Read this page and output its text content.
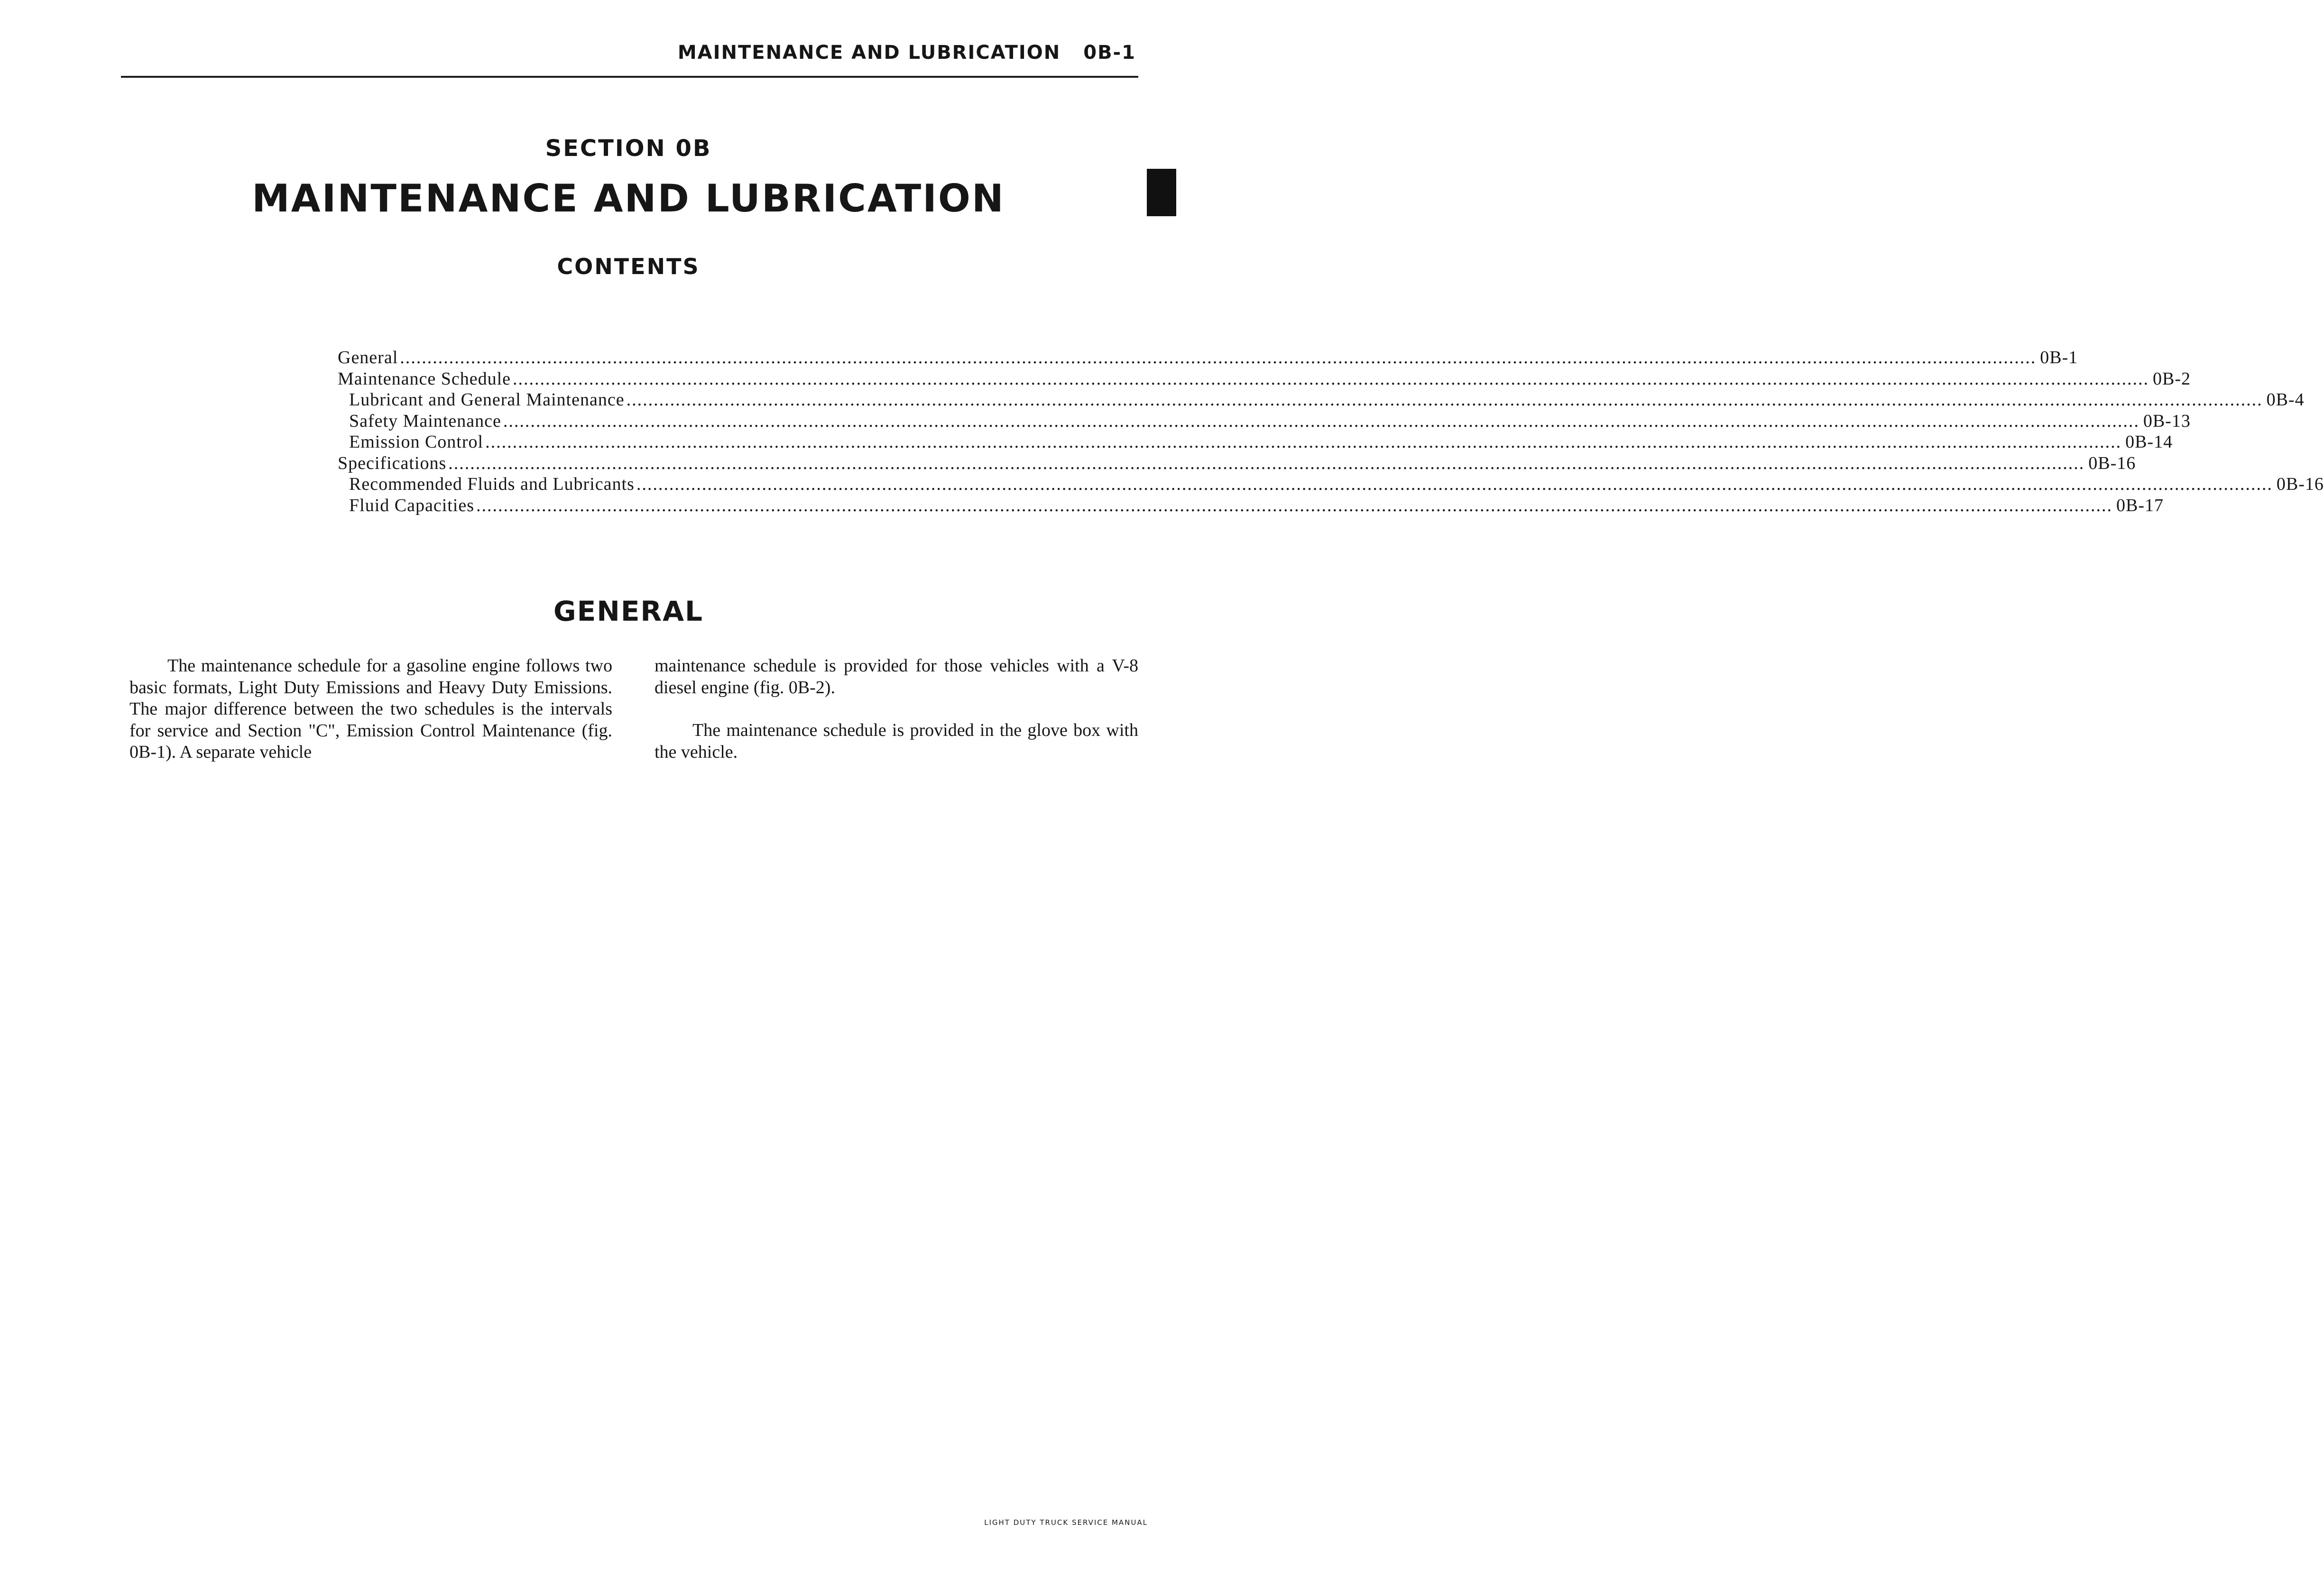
MAINTENANCE AND LUBRICATION 0B-1
SECTION 0B
MAINTENANCE AND LUBRICATION
CONTENTS
General ............................................................................................................................................................................................................................................................................................................ 0B-1
Maintenance Schedule ............................................................................................................................................................................................................................................................................................................ 0B-2
Lubricant and General Maintenance ............................................................................................................................................................................................................................................................................................................ 0B-4
Safety Maintenance ............................................................................................................................................................................................................................................................................................................ 0B-13
Emission Control ............................................................................................................................................................................................................................................................................................................ 0B-14
Specifications ............................................................................................................................................................................................................................................................................................................ 0B-16
Recommended Fluids and Lubricants ............................................................................................................................................................................................................................................................................................................ 0B-16
Fluid Capacities ............................................................................................................................................................................................................................................................................................................ 0B-17
GENERAL

The maintenance schedule for a gasoline engine follows two basic formats, Light Duty Emissions and Heavy Duty Emissions. The major difference between the two schedules is the intervals for service and Section "C", Emission Control Maintenance (fig. 0B-1). A separate vehicle

maintenance schedule is provided for those vehicles with a V-8 diesel engine (fig. 0B-2).

The maintenance schedule is provided in the glove box with the vehicle.

LIGHT DUTY TRUCK SERVICE MANUAL
